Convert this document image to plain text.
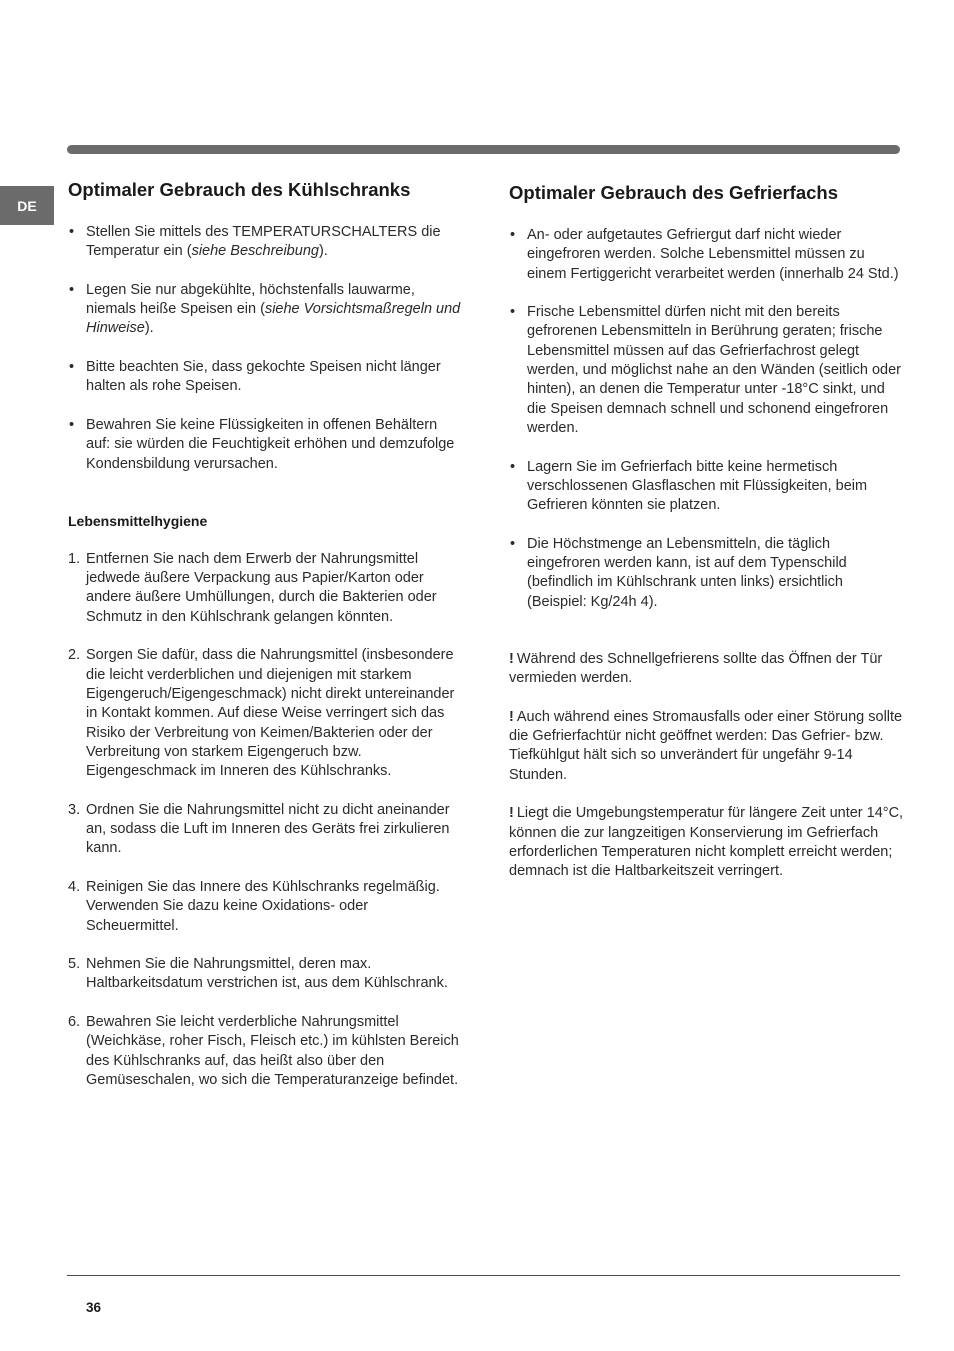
DE
Optimaler Gebrauch des Kühlschranks
• Stellen Sie mittels des TEMPERATURSCHALTERS die Temperatur ein (siehe Beschreibung).
• Legen Sie nur abgekühlte, höchstenfalls lauwarme, niemals heiße Speisen ein (siehe Vorsichtsmaßregeln und Hinweise).
• Bitte beachten Sie, dass gekochte Speisen nicht länger halten als rohe Speisen.
• Bewahren Sie keine Flüssigkeiten in offenen Behältern auf: sie würden die Feuchtigkeit erhöhen und demzufolge Kondensbildung verursachen.
Lebensmittelhygiene
1. Entfernen Sie nach dem Erwerb der Nahrungsmittel jedwede äußere Verpackung aus Papier/Karton oder andere äußere Umhüllungen, durch die Bakterien oder Schmutz in den Kühlschrank gelangen könnten.
2. Sorgen Sie dafür, dass die Nahrungsmittel (insbesondere die leicht verderblichen und diejenigen mit starkem Eigengeruch/Eigengeschmack) nicht direkt untereinander in Kontakt kommen. Auf diese Weise verringert sich das Risiko der Verbreitung von Keimen/Bakterien oder der Verbreitung von starkem Eigengeruch bzw. Eigengeschmack im Inneren des Kühlschranks.
3. Ordnen Sie die Nahrungsmittel nicht zu dicht aneinander an, sodass die Luft im Inneren des Geräts frei zirkulieren kann.
4. Reinigen Sie das Innere des Kühlschranks regelmäßig. Verwenden Sie dazu keine Oxidations- oder Scheuermittel.
5. Nehmen Sie die Nahrungsmittel, deren max. Haltbarkeitsdatum verstrichen ist, aus dem Kühlschrank.
6. Bewahren Sie leicht verderbliche Nahrungsmittel (Weichkäse, roher Fisch, Fleisch etc.) im kühlsten Bereich des Kühlschranks auf, das heißt also über den Gemüseschalen, wo sich die Temperaturanzeige befindet.
Optimaler Gebrauch des Gefrierfachs
• An- oder aufgetautes Gefriergut darf nicht wieder eingefroren werden. Solche Lebensmittel müssen zu einem Fertiggericht verarbeitet werden (innerhalb 24 Std.)
• Frische Lebensmittel dürfen nicht mit den bereits gefrorenen Lebensmitteln in Berührung geraten; frische Lebensmittel müssen auf das Gefrierfachrost gelegt werden, und möglichst nahe an den Wänden (seitlich oder hinten), an denen die Temperatur unter -18°C sinkt, und die Speisen demnach schnell und schonend eingefroren werden.
• Lagern Sie im Gefrierfach bitte keine hermetisch verschlossenen Glasflaschen mit Flüssigkeiten, beim Gefrieren könnten sie platzen.
• Die Höchstmenge an Lebensmitteln, die täglich eingefroren werden kann, ist auf dem Typenschild (befindlich im Kühlschrank unten links) ersichtlich (Beispiel: Kg/24h 4).

! Während des Schnellgefrierens sollte das Öffnen der Tür vermieden werden.

! Auch während eines Stromausfalls oder einer Störung sollte die Gefrierfachtür nicht geöffnet werden: Das Gefrier- bzw. Tiefkühlgut hält sich so unverändert für ungefähr 9-14 Stunden.

! Liegt die Umgebungstemperatur für längere Zeit unter 14°C, können die zur langzeitigen Konservierung im Gefrierfach erforderlichen Temperaturen nicht komplett erreicht werden; demnach ist die Haltbarkeitszeit verringert.

36
